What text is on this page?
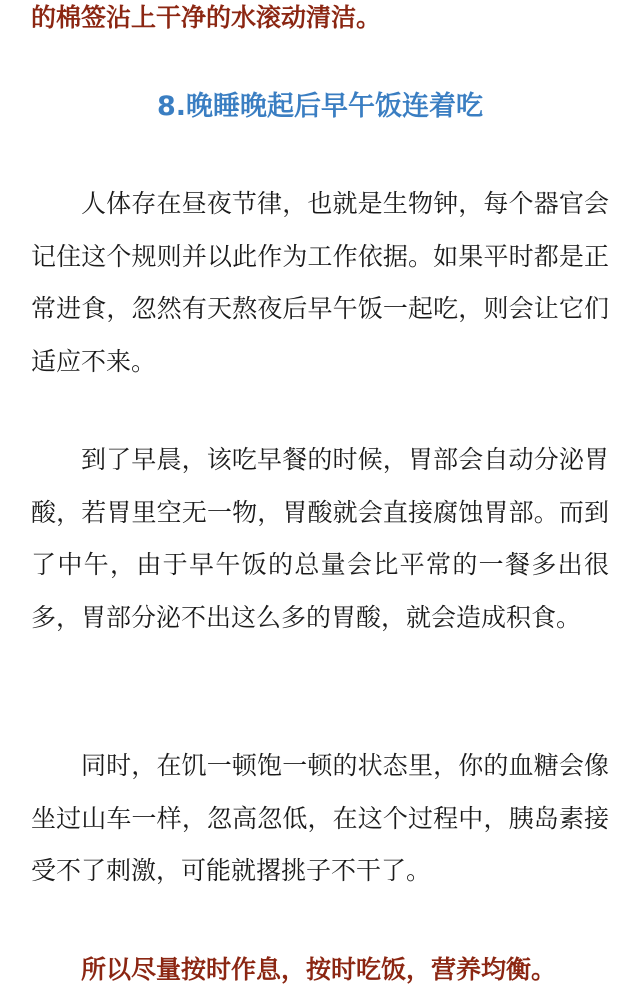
的棉签沾上干净的水滚动清洁。
8.晚睡晚起后早午饭连着吃

人体存在昼夜节律，也就是生物钟，每个器官会记住这个规则并以此作为工作依据。如果平时都是正常进食，忽然有天熬夜后早午饭一起吃，则会让它们适应不来。

到了早晨，该吃早餐的时候，胃部会自动分泌胃酸，若胃里空无一物，胃酸就会直接腐蚀胃部。而到了中午，由于早午饭的总量会比平常的一餐多出很多，胃部分泌不出这么多的胃酸，就会造成积食。

同时，在饥一顿饱一顿的状态里，你的血糖会像坐过山车一样，忽高忽低，在这个过程中，胰岛素接受不了刺激，可能就撂挑子不干了。

所以尽量按时作息，按时吃饭，营养均衡。
